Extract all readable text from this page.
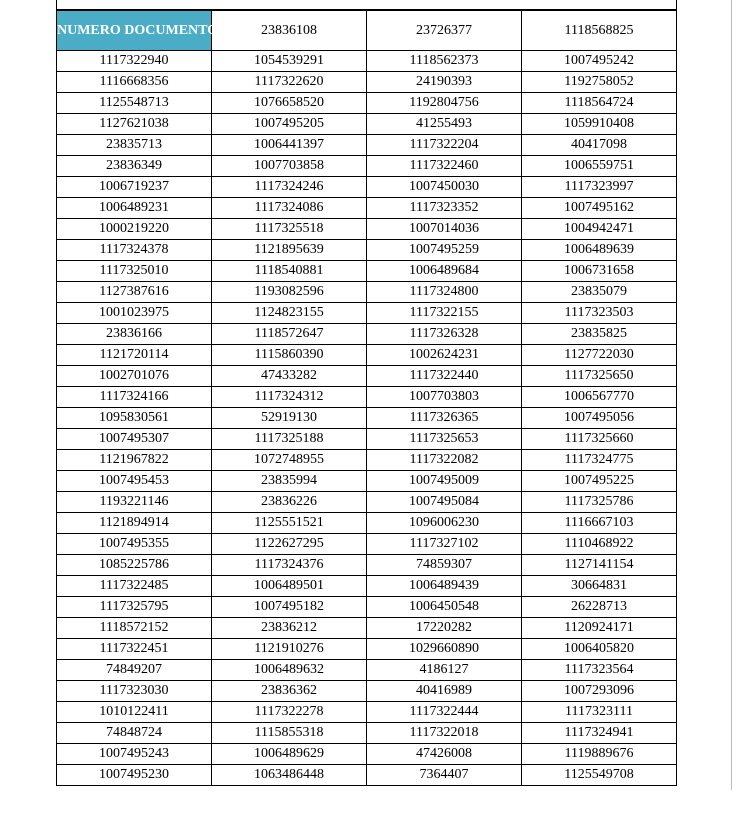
NUMERO DOCUMENTO	23836108	23726377	1118568825
1117322940	1054539291	1118562373	1007495242
1116668356	1117322620	24190393	1192758052
1125548713	1076658520	1192804756	1118564724
1127621038	1007495205	41255493	1059910408
23835713	1006441397	1117322204	40417098
23836349	1007703858	1117322460	1006559751
1006719237	1117324246	1007450030	1117323997
1006489231	1117324086	1117323352	1007495162
1000219220	1117325518	1007014036	1004942471
1117324378	1121895639	1007495259	1006489639
1117325010	1118540881	1006489684	1006731658
1127387616	1193082596	1117324800	23835079
1001023975	1124823155	1117322155	1117323503
23836166	1118572647	1117326328	23835825
1121720114	1115860390	1002624231	1127722030
1002701076	47433282	1117322440	1117325650
1117324166	1117324312	1007703803	1006567770
1095830561	52919130	1117326365	1007495056
1007495307	1117325188	1117325653	1117325660
1121967822	1072748955	1117322082	1117324775
1007495453	23835994	1007495009	1007495225
1193221146	23836226	1007495084	1117325786
1121894914	1125551521	1096006230	1116667103
1007495355	1122627295	1117327102	1110468922
1085225786	1117324376	74859307	1127141154
1117322485	1006489501	1006489439	30664831
1117325795	1007495182	1006450548	26228713
1118572152	23836212	17220282	1120924171
1117322451	1121910276	1029660890	1006405820
74849207	1006489632	4186127	1117323564
1117323030	23836362	40416989	1007293096
1010122411	1117322278	1117322444	1117323111
74848724	1115855318	1117322018	1117324941
1007495243	1006489629	47426008	1119889676
1007495230	1063486448	7364407	1125549708
